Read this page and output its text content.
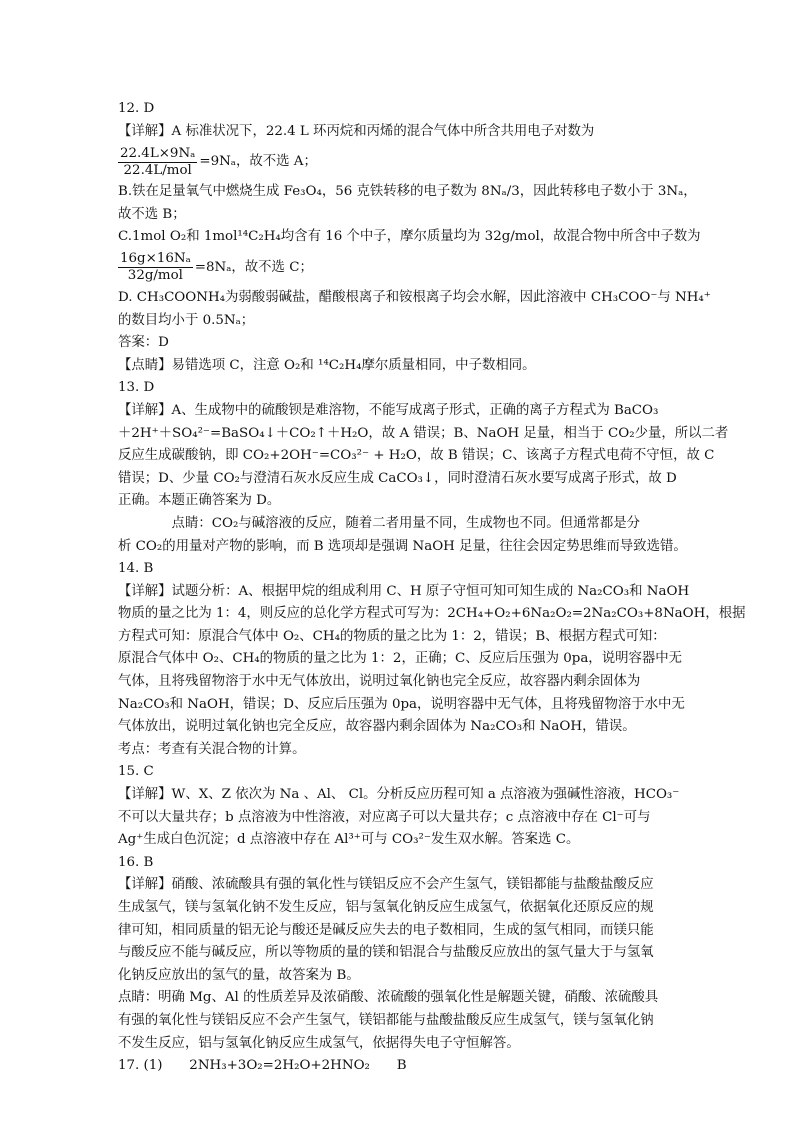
12. D
【详解】A 标准状况下，22.4 L 环丙烷和丙烯的混合气体中所含共用电子对数为
$\frac{\text{22.4L×9Nₐ}}{\text{22.4L/mol}} =9N_a$，故不选 A；
B.铁在足量氧气中燃烧生成 Fe₃O₄，56 克铁转移的电子数为 8Nₐ/3，因此转移电子数小于 3Nₐ，
故不选 B；
C.1mol O₂和 1mol¹⁴C₂H₄均含有 16 个中子，摩尔质量均为 32g/mol，故混合物中所含中子数为
$\frac{\text{16g×16Nₐ}}{\text{32g/mol}} =8N_a$，故不选 C；
D. CH₃COONH₄为弱酸弱碱盐，醋酸根离子和铵根离子均会水解，因此溶液中 CH₃COO⁻与 NH₄⁺
的数目均小于 0.5Nₐ；
答案：D
【点睛】易错选项 C，注意 O₂和 ¹⁴C₂H₄摩尔质量相同，中子数相同。
13. D
【详解】A、生成物中的硫酸钡是难溶物，不能写成离子形式，正确的离子方程式为 BaCO₃
＋2H⁺＋SO₄²⁻=BaSO₄↓＋CO₂↑＋H₂O，故 A 错误；B、NaOH 足量，相当于 CO₂少量，所以二者
反应生成碳酸钠，即 CO₂+2OH⁻=CO₃²⁻ + H₂O，故 B 错误；C、该离子方程式电荷不守恒，故 C
错误；D、少量 CO₂与澄清石灰水反应生成 CaCO₃↓，同时澄清石灰水要写成离子形式，故 D
正确。本题正确答案为 D。
　　　　点睛：CO₂与碱溶液的反应，随着二者用量不同，生成物也不同。但通常都是分
析 CO₂的用量对产物的影响，而 B 选项却是强调 NaOH 足量，往往会因定势思维而导致选错。
14. B
【详解】试题分析：A、根据甲烷的组成利用 C、H 原子守恒可知可知生成的 Na₂CO₃和 NaOH
物质的量之比为 1：4，则反应的总化学方程式可写为：2CH₄+O₂+6Na₂O₂=2Na₂CO₃+8NaOH，根据
方程式可知：原混合气体中 O₂、CH₄的物质的量之比为 1：2，错误；B、根据方程式可知：
原混合气体中 O₂、CH₄的物质的量之比为 1：2，正确；C、反应后压强为 0pa，说明容器中无
气体，且将残留物溶于水中无气体放出，说明过氧化钠也完全反应，故容器内剩余固体为
Na₂CO₃和 NaOH，错误；D、反应后压强为 0pa，说明容器中无气体，且将残留物溶于水中无
气体放出，说明过氧化钠也完全反应，故容器内剩余固体为 Na₂CO₃和 NaOH，错误。
考点：考查有关混合物的计算。
15. C
【详解】W、X、Z 依次为 Na 、Al、 Cl。分析反应历程可知 a 点溶液为强碱性溶液，HCO₃⁻
不可以大量共存；b 点溶液为中性溶液，对应离子可以大量共存；c 点溶液中存在 Cl⁻可与
Ag⁺生成白色沉淀；d 点溶液中存在 Al³⁺可与 CO₃²⁻发生双水解。答案选 C。
16. B
【详解】硝酸、浓硫酸具有强的氧化性与镁铝反应不会产生氢气，镁铝都能与盐酸盐酸反应
生成氢气，镁与氢氧化钠不发生反应，铝与氢氧化钠反应生成氢气，依据氧化还原反应的规
律可知，相同质量的铝无论与酸还是碱反应失去的电子数相同，生成的氢气相同，而镁只能
与酸反应不能与碱反应，所以等物质的量的镁和铝混合与盐酸反应放出的氢气量大于与氢氧
化钠反应放出的氢气的量，故答案为 B。
点睛：明确 Mg、Al 的性质差异及浓硝酸、浓硫酸的强氧化性是解题关键，硝酸、浓硫酸具
有强的氧化性与镁铝反应不会产生氢气，镁铝都能与盐酸盐酸反应生成氢气，镁与氢氧化钠
不发生反应，铝与氢氧化钠反应生成氢气，依据得失电子守恒解答。
17. (1)　　2NH₃+3O₂=2H₂O+2HNO₂　　B
